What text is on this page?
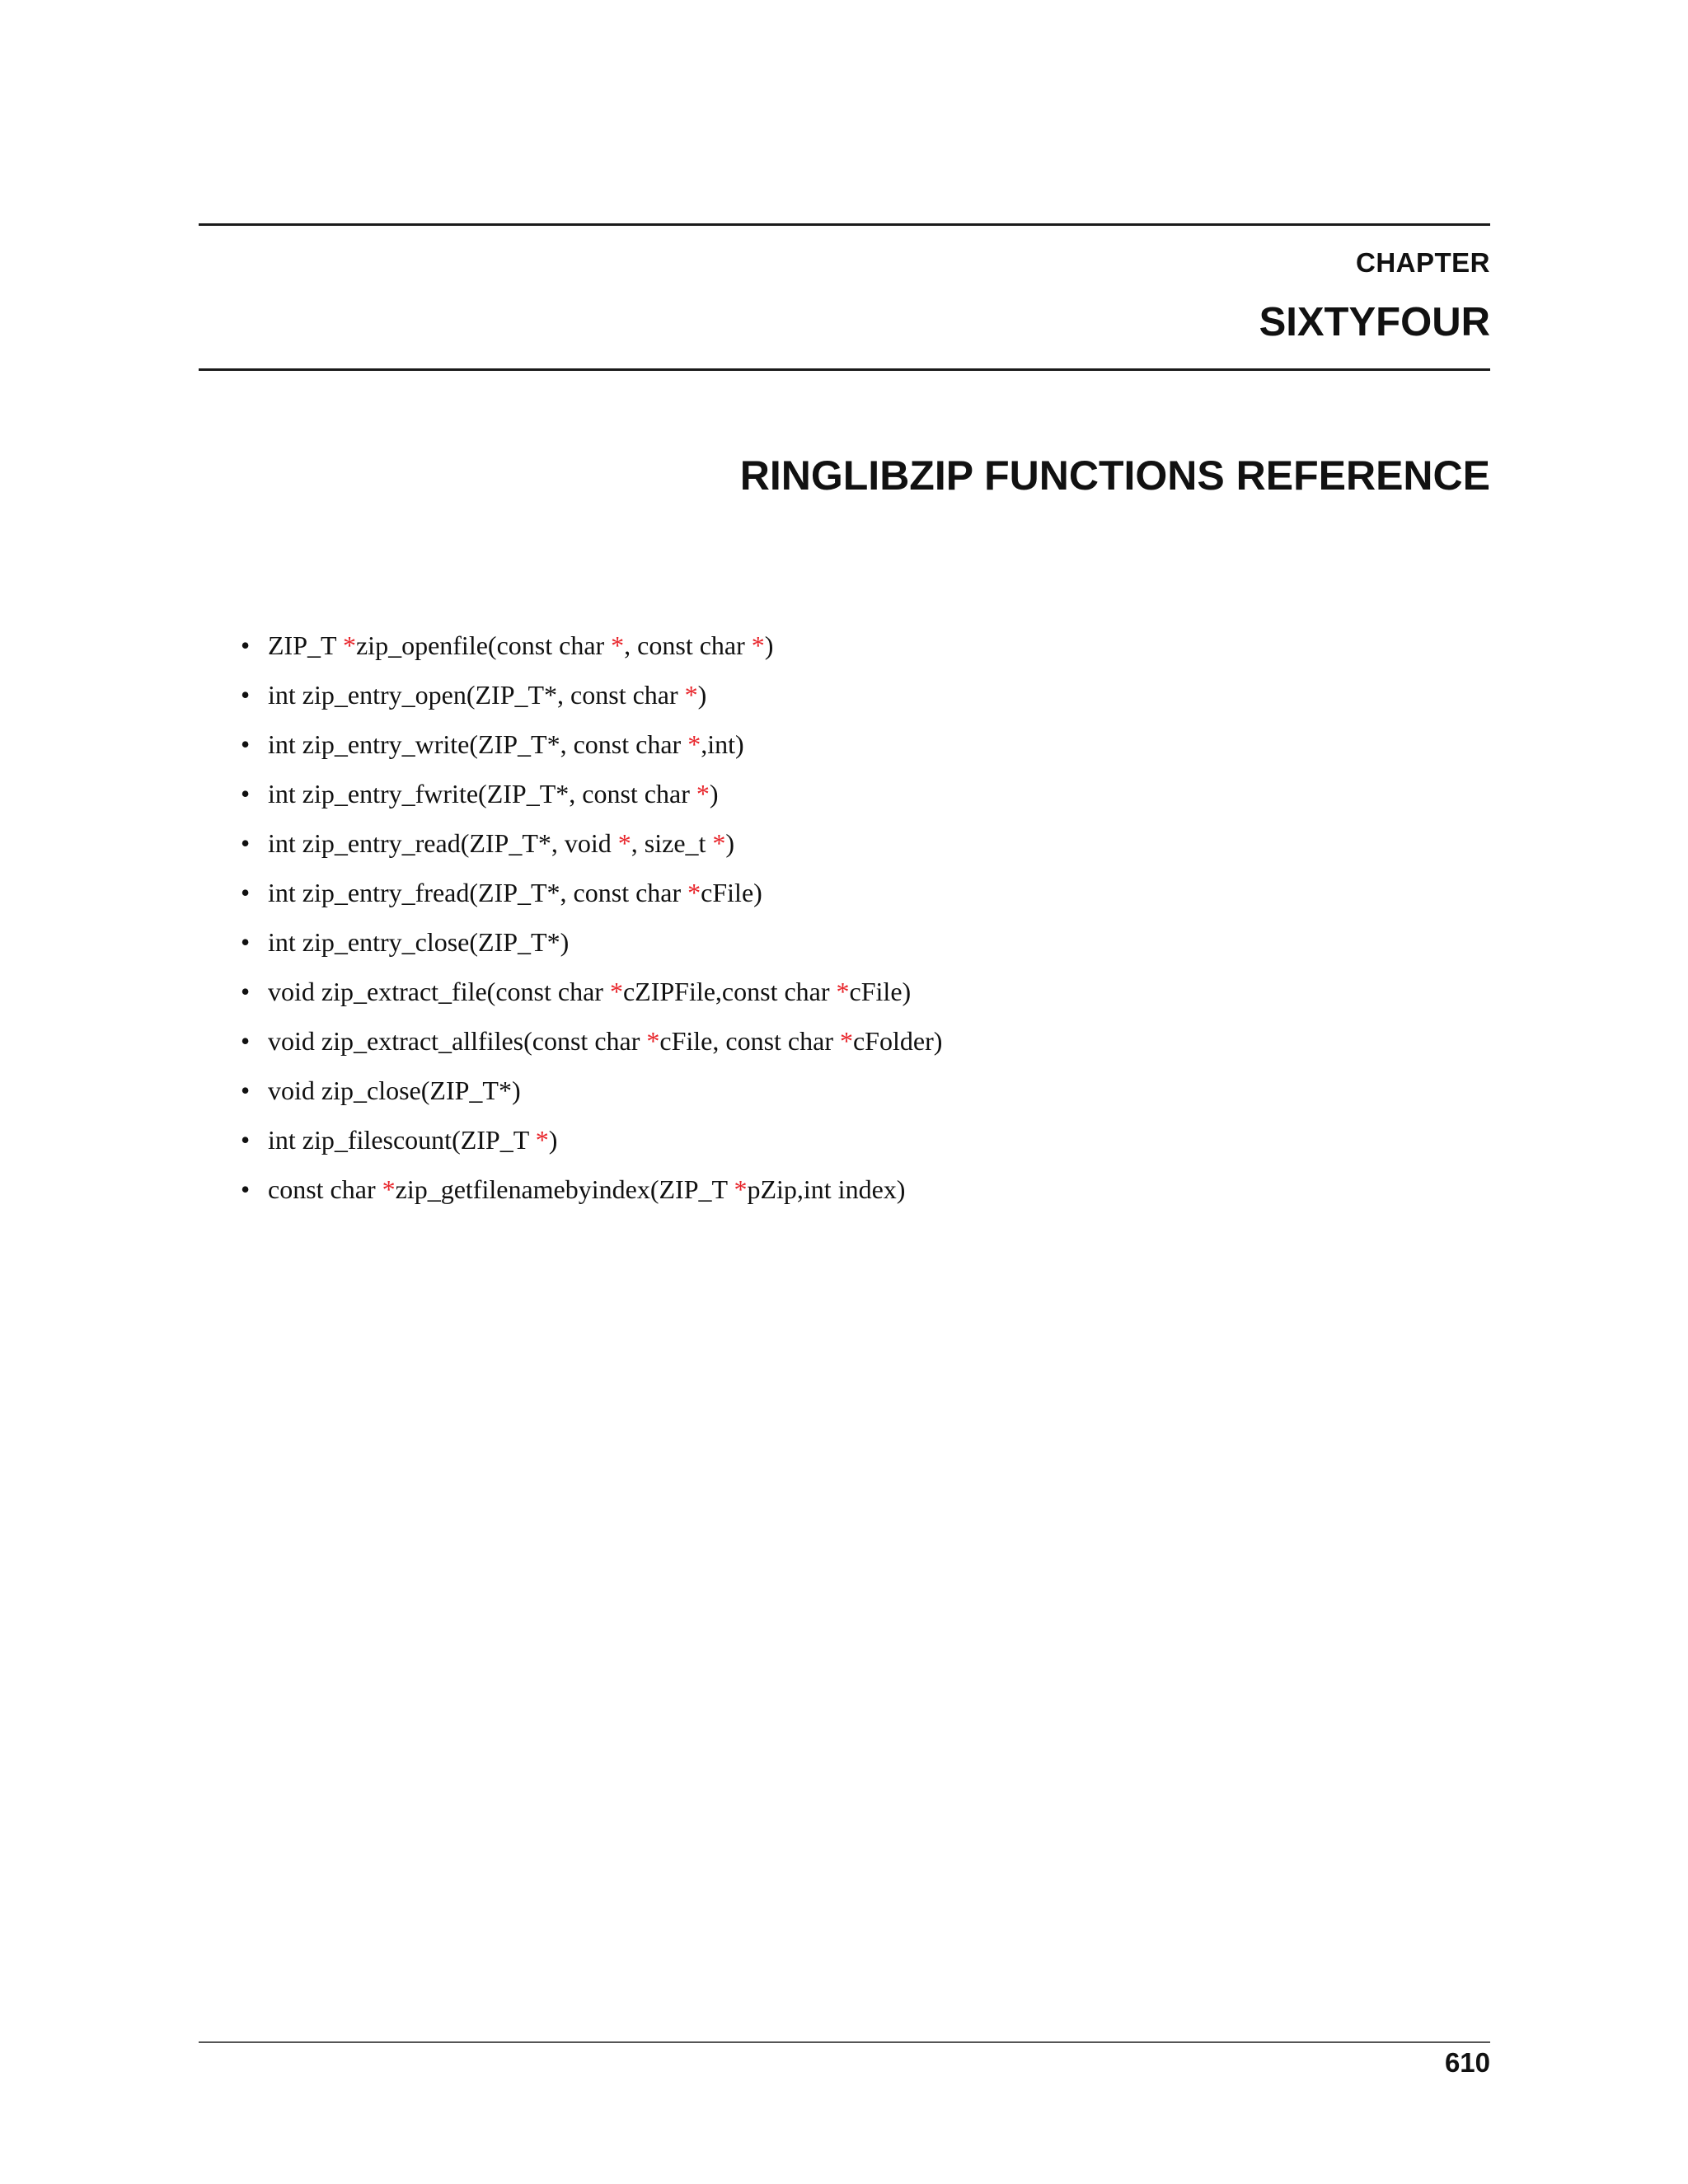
CHAPTER
SIXTYFOUR
RINGLIBZIP FUNCTIONS REFERENCE
• ZIP_T *zip_openfile(const char *, const char *)
• int zip_entry_open(ZIP_T*, const char *)
• int zip_entry_write(ZIP_T*, const char *,int)
• int zip_entry_fwrite(ZIP_T*, const char *)
• int zip_entry_read(ZIP_T*, void *, size_t *)
• int zip_entry_fread(ZIP_T*, const char *cFile)
• int zip_entry_close(ZIP_T*)
• void zip_extract_file(const char *cZIPFile,const char *cFile)
• void zip_extract_allfiles(const char *cFile, const char *cFolder)
• void zip_close(ZIP_T*)
• int zip_filescount(ZIP_T *)
• const char *zip_getfilenamebyindex(ZIP_T *pZip,int index)
610
